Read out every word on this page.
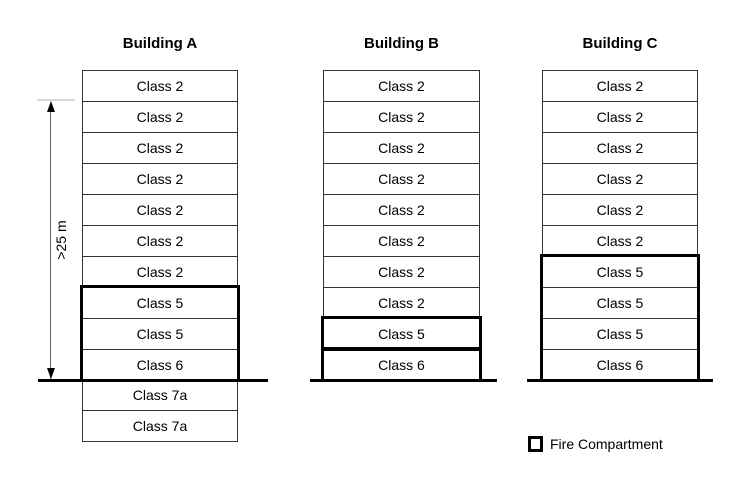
Building A
Class 2
Class 2
Class 2
Class 2
Class 2
Class 2
Class 2
Class 5
Class 5
Class 6
Class 7a
Class 7a
Building B
Class 2
Class 2
Class 2
Class 2
Class 2
Class 2
Class 2
Class 2
Class 5
Class 6
Building C
Class 2
Class 2
Class 2
Class 2
Class 2
Class 2
Class 5
Class 5
Class 5
Class 6
>25 m
Fire Compartment
